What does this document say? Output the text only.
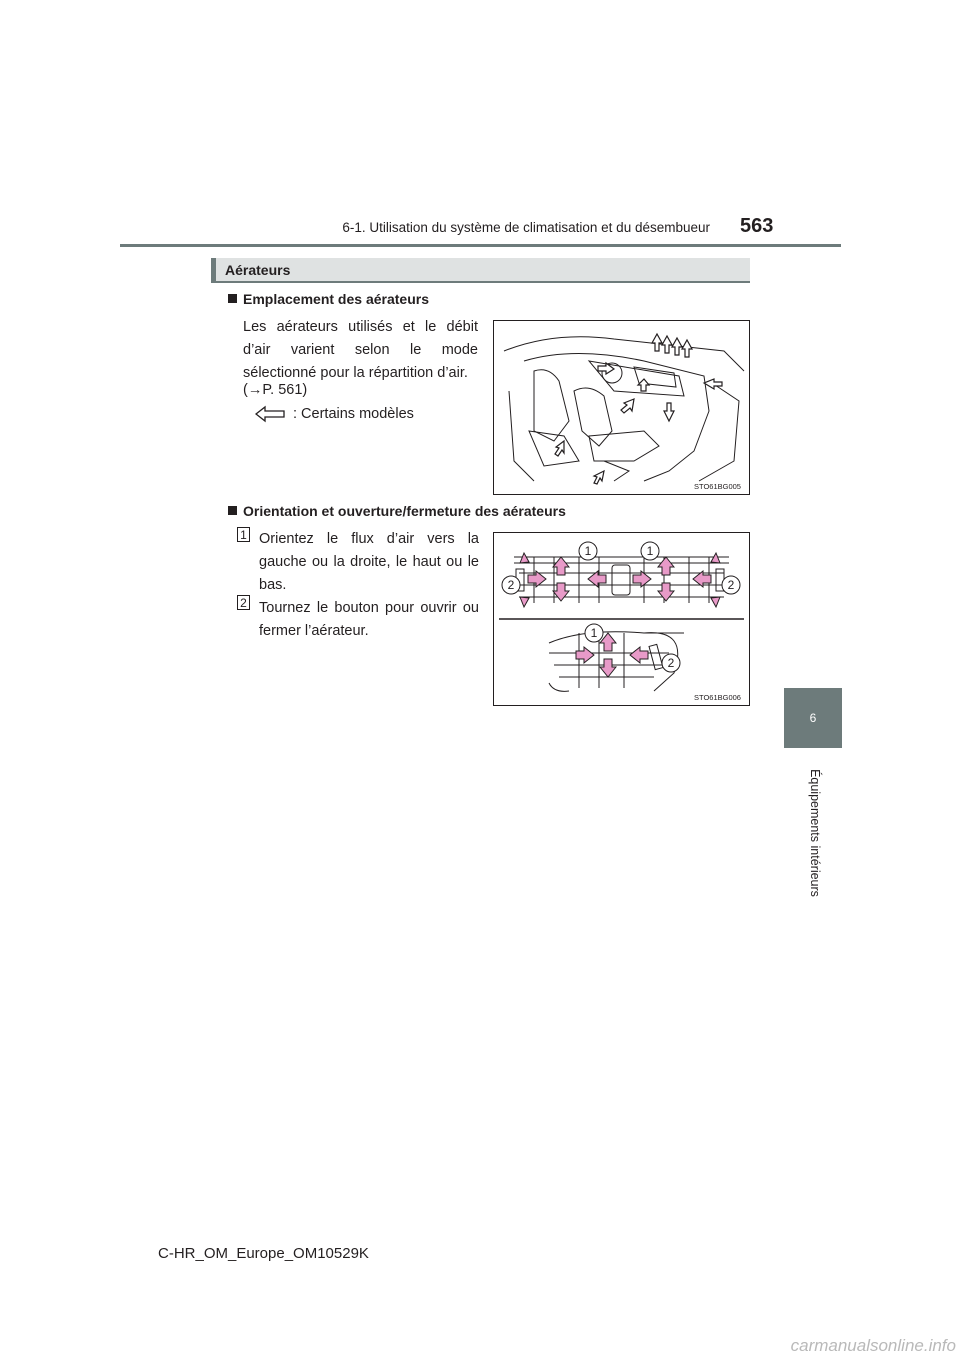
6-1. Utilisation du système de climatisation et du désembueur 563
6
Équipements intérieurs
Aérateurs
Emplacement des aérateurs
Les aérateurs utilisés et le débit d’air varient selon le mode sélectionné pour la répartition d’air.
(→P. 561)
: Certains modèles
STO61BG005
Orientation et ouverture/fermeture des aérateurs
1 Orientez le flux d’air vers la gauche ou la droite, le haut ou le bas.
2 Tournez le bouton pour ouvrir ou fermer l’aérateur.
1	1
2	2
1
2
STO61BG006
C-HR_OM_Europe_OM10529K
carmanualsonline.info
